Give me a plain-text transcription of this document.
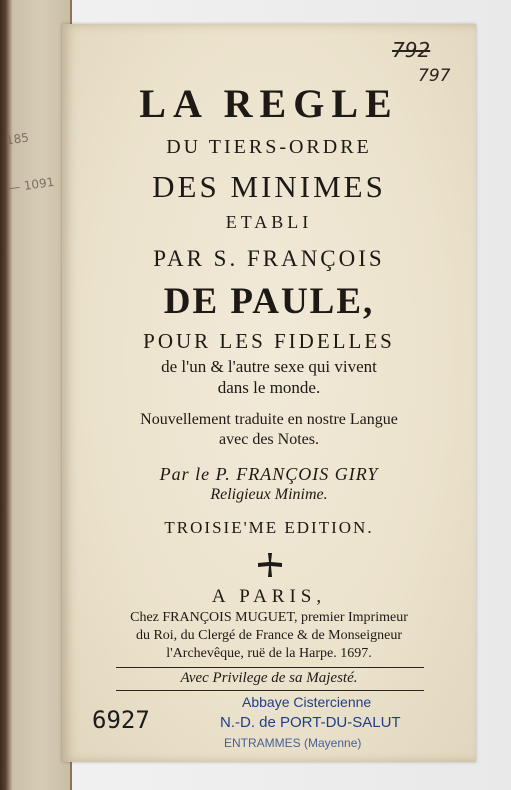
185
— 1091
792
797
LA REGLE
DU TIERS-ORDRE
DES MINIMES
ETABLI
PAR S. FRANÇOIS
DE PAULE,
POUR LES FIDELLES
de l'un & l'autre sexe qui vivent
dans le monde.
Nouvellement traduite en nostre Langue
avec des Notes.
Par le P. FRANÇOIS GIRY
Religieux Minime.
TROISIE'ME EDITION.
A PARIS,
Chez FRANÇOIS MUGUET, premier Imprimeur
du Roi, du Clergé de France & de Monseigneur
l'Archevêque, ruë de la Harpe. 1697.
Avec Privilege de sa Majesté.
6927
Abbaye Cistercienne
N.-D. de PORT-DU-SALUT
ENTRAMMES (Mayenne)
